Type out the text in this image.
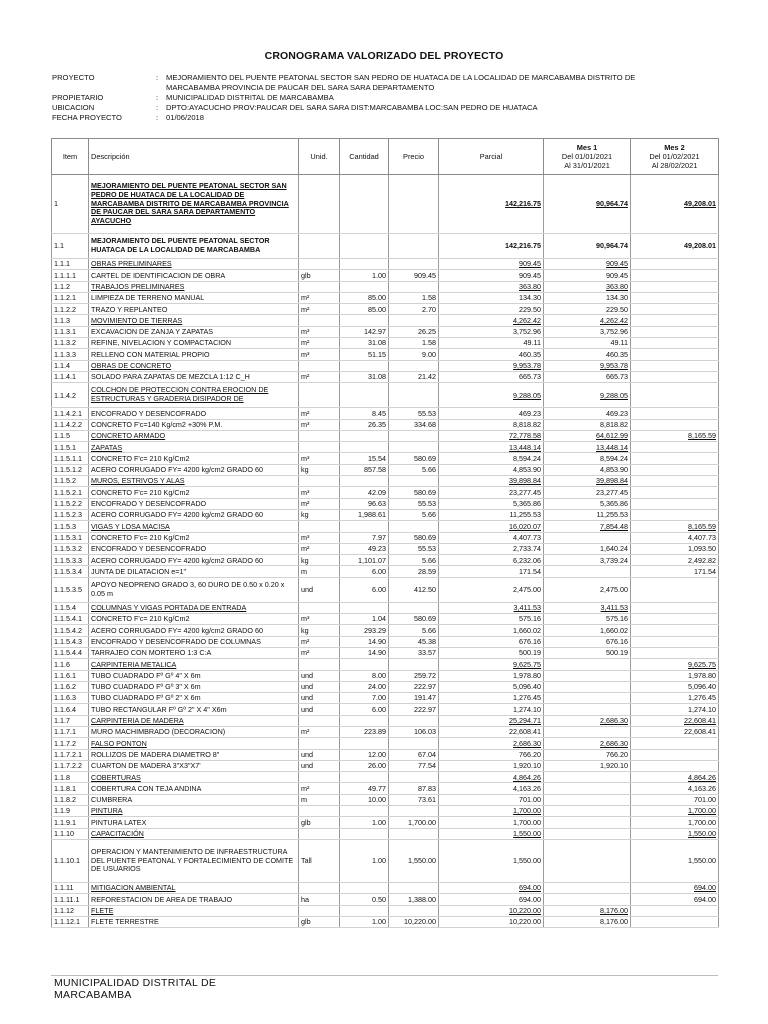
CRONOGRAMA VALORIZADO DEL PROYECTO
PROYECTO	:	MEJORAMIENTO DEL PUENTE PEATONAL SECTOR SAN PEDRO DE HUATACA DE LA LOCALIDAD DE MARCABAMBA DISTRITO DE MARCABAMBA PROVINCIA DE PAUCAR DEL SARA SARA DEPARTAMENTO
PROPIETARIO	:	MUNICIPALIDAD DISTRITAL DE MARCABAMBA
UBICACION	:	DPTO:AYACUCHO PROV:PAUCAR DEL SARA SARA DIST:MARCABAMBA LOC:SAN PEDRO DE HUATACA
FECHA PROYECTO	:	01/06/2018
Item	Descripción	Unid.	Cantidad	Precio	Parcial	Mes 1
Del 01/01/2021
Al 31/01/2021	Mes 2
Del 01/02/2021
Al 28/02/2021

1	MEJORAMIENTO DEL PUENTE PEATONAL SECTOR SAN PEDRO DE HUATACA DE LA LOCALIDAD DE MARCABAMBA DISTRITO DE MARCABAMBA PROVINCIA DE PAUCAR DEL SARA SARA DEPARTAMENTO AYACUCHO				142,216.75	90,964.74	49,208.01
1.1	MEJORAMIENTO DEL PUENTE PEATONAL SECTOR HUATACA DE LA LOCALIDAD DE MARCABAMBA				142,216.75	90,964.74	49,208.01
1.1.1	OBRAS PRELIMINARES				909.45	909.45	
1.1.1.1	CARTEL DE IDENTIFICACION DE OBRA	glb	1.00	909.45	909.45	909.45	
1.1.2	TRABAJOS PRELIMINARES				363.80	363.80	
1.1.2.1	LIMPIEZA DE TERRENO MANUAL	m²	85.00	1.58	134.30	134.30	
1.1.2.2	TRAZO Y REPLANTEO	m²	85.00	2.70	229.50	229.50	
1.1.3	MOVIMIENTO DE TIERRAS				4,262.42	4,262.42	
1.1.3.1	EXCAVACION DE ZANJA Y ZAPATAS	m³	142.97	26.25	3,752.96	3,752.96	
1.1.3.2	REFINE, NIVELACION Y COMPACTACION	m²	31.08	1.58	49.11	49.11	
1.1.3.3	RELLENO CON MATERIAL PROPIO	m³	51.15	9.00	460.35	460.35	
1.1.4	OBRAS DE CONCRETO				9,953.78	9,953.78	
1.1.4.1	SOLADO PARA ZAPATAS DE MEZCLA 1:12 C_H	m²	31.08	21.42	665.73	665.73	
1.1.4.2	COLCHON DE PROTECCION CONTRA EROCION DE ESTRUCTURAS Y GRADERIA DISIPADOR DE				9,288.05	9,288.05	
1.1.4.2.1	ENCOFRADO Y DESENCOFRADO	m²	8.45	55.53	469.23	469.23	
1.1.4.2.2	CONCRETO F'c=140 Kg/cm2 +30% P.M.	m³	26.35	334.68	8,818.82	8,818.82	
1.1.5	CONCRETO ARMADO				72,778.58	64,612.99	8,165.59
1.1.5.1	ZAPATAS				13,448.14	13,448.14	
1.1.5.1.1	CONCRETO F'c= 210 Kg/Cm2	m³	15.54	580.69	8,594.24	8,594.24	
1.1.5.1.2	ACERO CORRUGADO FY= 4200 kg/cm2 GRADO 60	kg	857.58	5.66	4,853.90	4,853.90	
1.1.5.2	MUROS, ESTRIVOS Y ALAS				39,898.84	39,898.84	
1.1.5.2.1	CONCRETO F'c= 210 Kg/Cm2	m³	42.09	580.69	23,277.45	23,277.45	
1.1.5.2.2	ENCOFRADO Y DESENCOFRADO	m²	96.63	55.53	5,365.86	5,365.86	
1.1.5.2.3	ACERO CORRUGADO FY= 4200 kg/cm2 GRADO 60	kg	1,988.61	5.66	11,255.53	11,255.53	
1.1.5.3	VIGAS Y LOSA MACISA				16,020.07	7,854.48	8,165.59
1.1.5.3.1	CONCRETO F'c= 210 Kg/Cm2	m³	7.97	580.69	4,407.73		4,407.73
1.1.5.3.2	ENCOFRADO Y DESENCOFRADO	m²	49.23	55.53	2,733.74	1,640.24	1,093.50
1.1.5.3.3	ACERO CORRUGADO FY= 4200 kg/cm2 GRADO 60	kg	1,101.07	5.66	6,232.06	3,739.24	2,492.82
1.1.5.3.4	JUNTA DE DILATACION e=1"	m	6.00	28.59	171.54		171.54
1.1.5.3.5	APOYO NEOPRENO GRADO 3, 60 DURO DE 0.50 x 0.20 x 0.05 m	und	6.00	412.50	2,475.00	2,475.00	
1.1.5.4	COLUMNAS Y VIGAS PORTADA DE ENTRADA				3,411.53	3,411.53	
1.1.5.4.1	CONCRETO F'c= 210 Kg/Cm2	m³	1.04	580.69	575.16	575.16	
1.1.5.4.2	ACERO CORRUGADO FY= 4200 kg/cm2 GRADO 60	kg	293.29	5.66	1,660.02	1,660.02	
1.1.5.4.3	ENCOFRADO Y DESENCOFRADO DE COLUMNAS	m²	14.90	45.38	676.16	676.16	
1.1.5.4.4	TARRAJEO CON MORTERO 1:3 C:A	m²	14.90	33.57	500.19	500.19	
1.1.6	CARPINTERIA METALICA				9,625.75		9,625.75
1.1.6.1	TUBO CUADRADO Fº Gº 4" X 6m	und	8.00	259.72	1,978.80		1,978.80
1.1.6.2	TUBO CUADRADO Fº Gº 3" X 6m	und	24.00	222.97	5,096.40		5,096.40
1.1.6.3	TUBO CUADRADO Fº Gº 2" X 6m	und	7.00	191.47	1,276.45		1,276.45
1.1.6.4	TUBO RECTANGULAR Fº Gº 2" X 4" X6m	und	6.00	222.97	1,274.10		1,274.10
1.1.7	CARPINTERIA DE MADERA				25,294.71	2,686.30	22,608.41
1.1.7.1	MURO MACHIMBRADO (DECORACION)	m²	223.89	106.03	22,608.41		22,608.41
1.1.7.2	FALSO PONTON				2,686.30	2,686.30	
1.1.7.2.1	ROLLIZOS DE MADERA DIAMETRO 8"	und	12.00	67.04	766.20	766.20	
1.1.7.2.2	CUARTON DE MADERA 3"X3"X7'	und	26.00	77.54	1,920.10	1,920.10	
1.1.8	COBERTURAS				4,864.26		4,864.26
1.1.8.1	COBERTURA CON TEJA ANDINA	m²	49.77	87.83	4,163.26		4,163.26
1.1.8.2	CUMBRERA	m	10.00	73.61	701.00		701.00
1.1.9	PINTURA				1,700.00		1,700.00
1.1.9.1	PINTURA LATEX	glb	1.00	1,700.00	1,700.00		1,700.00
1.1.10	CAPACITACIÓN				1,550.00		1,550.00
1.1.10.1	OPERACION Y MANTENIMIENTO DE INFRAESTRUCTURA DEL PUENTE PEATONAL Y FORTALECIMIENTO DE COMITE DE USUARIOS	Tall	1.00	1,550.00	1,550.00		1,550.00
1.1.11	MITIGACION AMBIENTAL				694.00		694.00
1.1.11.1	REFORESTACION DE AREA DE TRABAJO	ha	0.50	1,388.00	694.00		694.00
1.1.12	FLETE				10,220.00	8,176.00	
1.1.12.1	FLETE TERRESTRE	glb	1.00	10,220.00	10,220.00	8,176.00	
MUNICIPALIDAD DISTRITAL DE MARCABAMBA
